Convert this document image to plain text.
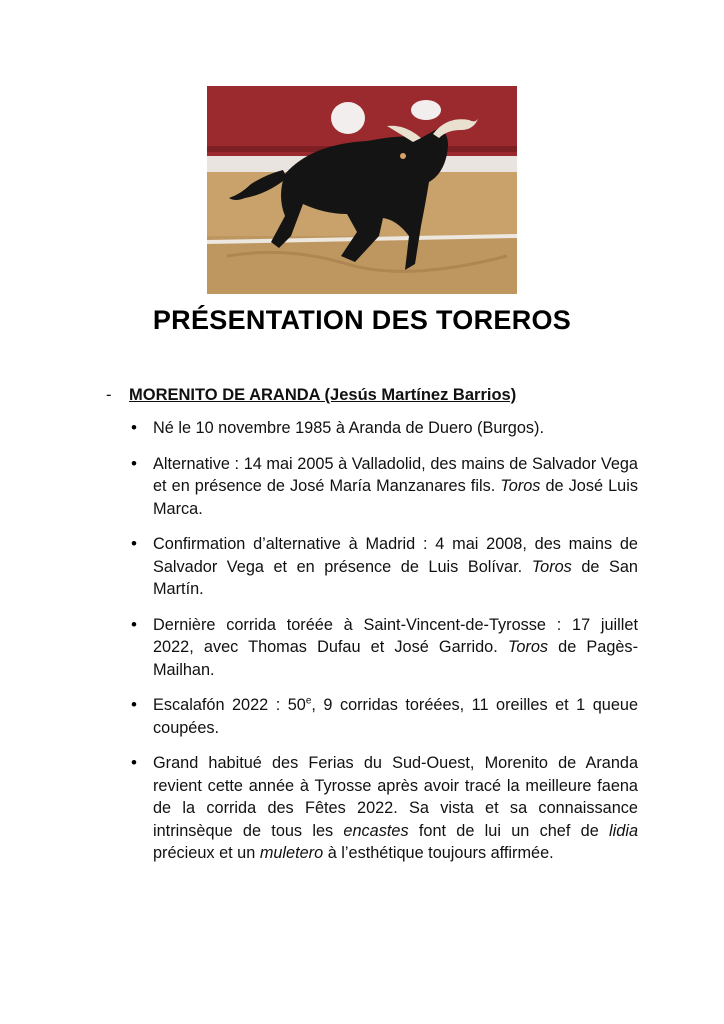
PRÉSENTATION DES TOREROS
-	MORENITO DE ARANDA (Jesús Martínez Barrios)
• Né le 10 novembre 1985 à Aranda de Duero (Burgos).
• Alternative : 14 mai 2005 à Valladolid, des mains de Salvador Vega et en présence de José María Manzanares fils. Toros de José Luis Marca.
• Confirmation d’alternative à Madrid : 4 mai 2008, des mains de Salvador Vega et en présence de Luis Bolívar. Toros de San Martín.
• Dernière corrida toréée à Saint-Vincent-de-Tyrosse : 17 juillet 2022, avec Thomas Dufau et José Garrido. Toros de Pagès-Mailhan.
• Escalafón 2022 : 50e, 9 corridas toréées, 11 oreilles et 1 queue coupées.
• Grand habitué des Ferias du Sud-Ouest, Morenito de Aranda revient cette année à Tyrosse après avoir tracé la meilleure faena de la corrida des Fêtes 2022. Sa vista et sa connaissance intrinsèque de tous les encastes font de lui un chef de lidia précieux et un muletero à l’esthétique toujours affirmée.
